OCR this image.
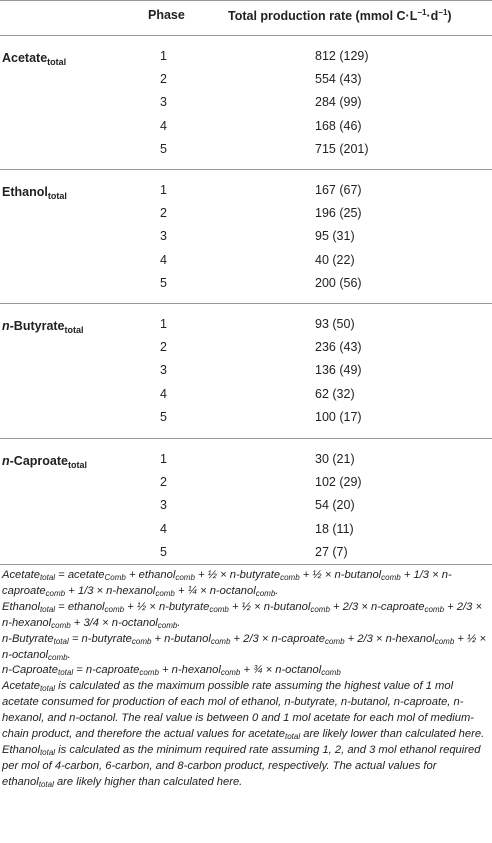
Phase	Total production rate (mmol $C\cdot L^{-1}\cdot d^{-1}$)
Acetate$_{total}$	1	812 (129)
2	554 (43)
3	284 (99)
4	168 (46)
5	715 (201)
Ethanol$_{total}$	1	167 (67)
2	196 (25)
3	95 (31)
4	40 (22)
5	200 (56)
n-Butyrate$_{total}$	1	93 (50)
2	236 (43)
3	136 (49)
4	62 (32)
5	100 (17)
n-Caproate$_{total}$	1	30 (21)
2	102 (29)
3	54 (20)
4	18 (11)
5	27 (7)

Acetate$_{total}$ = acetate$_{Comb}$ + ethanol$_{comb}$ + ½ × n-butyrate$_{comb}$ + ½ × n-butanol$_{comb}$ + 1/3 × n-caproate$_{comb}$ + 1/3 × n-hexanol$_{comb}$ + ¼ × n-octanol$_{comb}$.

Ethanol$_{total}$ = ethanol$_{comb}$ + ½ × n-butyrate$_{comb}$ + ½ × n-butanol$_{comb}$ + 2/3 × n-caproate$_{comb}$ + 2/3 × n-hexanol$_{comb}$ + 3/4 × n-octanol$_{comb}$.

n-Butyrate$_{total}$ = n-butyrate$_{comb}$ + n-butanol$_{comb}$ + 2/3 × n-caproate$_{comb}$ + 2/3 × n-hexanol$_{comb}$ + ½ × n-octanol$_{comb}$.

n-Caproate$_{total}$ = n-caproate$_{comb}$ + n-hexanol$_{comb}$ + ¾ × n-octanol$_{comb}$

Acetate$_{total}$ is calculated as the maximum possible rate assuming the highest value of 1 mol acetate consumed for production of each mol of ethanol, n-butyrate, n-butanol, n-caproate, n-hexanol, and n-octanol. The real value is between 0 and 1 mol acetate for each mol of medium-chain product, and therefore the actual values for acetate$_{total}$ are likely lower than calculated here.

Ethanol$_{total}$ is calculated as the minimum required rate assuming 1, 2, and 3 mol ethanol required per mol of 4-carbon, 6-carbon, and 8-carbon product, respectively. The actual values for ethanol$_{total}$ are likely higher than calculated here.
